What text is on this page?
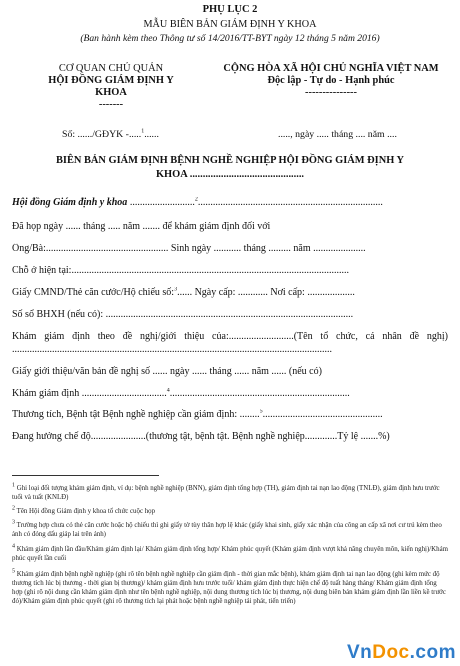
PHỤ LỤC 2
MẪU BIÊN BẢN GIÁM ĐỊNH Y KHOA
(Ban hành kèm theo Thông tư số 14/2016/TT-BYT ngày 12 tháng 5 năm 2016)
CƠ QUAN CHỦ QUẢN
HỘI ĐỒNG GIÁM ĐỊNH Y
KHOA
-------
CỘNG HÒA XÃ HỘI CHỦ NGHĨA VIỆT NAM
Độc lập - Tự do - Hạnh phúc
---------------
Số: ....../GĐYK -.....$^1$......	....., ngày ..... tháng .... năm ....
BIÊN BẢN GIÁM ĐỊNH BỆNH NGHỀ NGHIỆP HỘI ĐỒNG GIÁM ĐỊNH Y
KHOA ............................................
Hội đồng Giám định y khoa ..........................$^2$..........................................................................
Đã họp ngày ...... tháng ..... năm ....... để khám giám định đối với
Ông/Bà:................................................. Sinh ngày ........... tháng ......... năm .....................
Chỗ ở hiện tại:...............................................................................................................
Giấy CMND/Thẻ căn cước/Hộ chiếu số:$^3$...... Ngày cấp: ............ Nơi cấp: ...................
Số sổ BHXH (nếu có): ...................................................................................................
Khám giám định theo đề nghị/giới thiệu của:..........................(Tên tổ chức, cá nhân đề nghị) ................................................................................................................................
Giấy giới thiệu/văn bản đề nghị số ...... ngày ...... tháng ...... năm ...... (nếu có)
Khám giám định ..................................$^4$........................................................................
Thương tích, Bệnh tật Bệnh nghề nghiệp cần giám định: ........$^5$................................................
Đang hưởng chế độ......................(thương tật, bệnh tật. Bệnh nghề nghiệp.............Tỷ lệ .......%)
$^1$ Ghi loại đối tượng khám giám định, ví dụ: bệnh nghề nghiệp (BNN), giám định tổng hợp (TH), giám định tai nạn lao động (TNLĐ), giám định hưu trước tuổi và tuất (KNLĐ)
$^2$ Tên Hội đồng Giám định y khoa tổ chức cuộc họp
$^3$ Trường hợp chưa có thẻ căn cước hoặc hộ chiếu thì ghi giấy tờ tùy thân hợp lệ khác (giấy khai sinh, giấy xác nhận của công an cấp xã nơi cư trú kèm theo ảnh có đóng dấu giáp lai trên ảnh)
$^4$ Khám giám định lần đầu/Khám giám định lại/ Khám giám định tổng hợp/ Khám phúc quyết (Khám giám định vượt khả năng chuyên môn, kiến nghị)/Khám phúc quyết lần cuối
$^5$ Khám giám định bệnh nghề nghiệp (ghi rõ tên bệnh nghề nghiệp cần giám định - thời gian mắc bệnh), khám giám định tai nạn lao động (ghi kèm mức độ thương tích lúc bị thương - thời gian bị thương)/ khám giám định hưu trước tuổi/ khám giám định thực hiện chế độ tuất hàng tháng/ Khám giám định tổng hợp (ghi rõ nội dung cần khám giám định như tên bệnh nghề nghiệp, nội dung thương tích lúc bị thương, nội dung biên bản khám giám định lần liền kề trước đó)/Khám giám định phúc quyết (ghi rõ thương tích lại phát hoặc bệnh nghề nghiệp tái phát, tiến triển)
VnDoc.com
